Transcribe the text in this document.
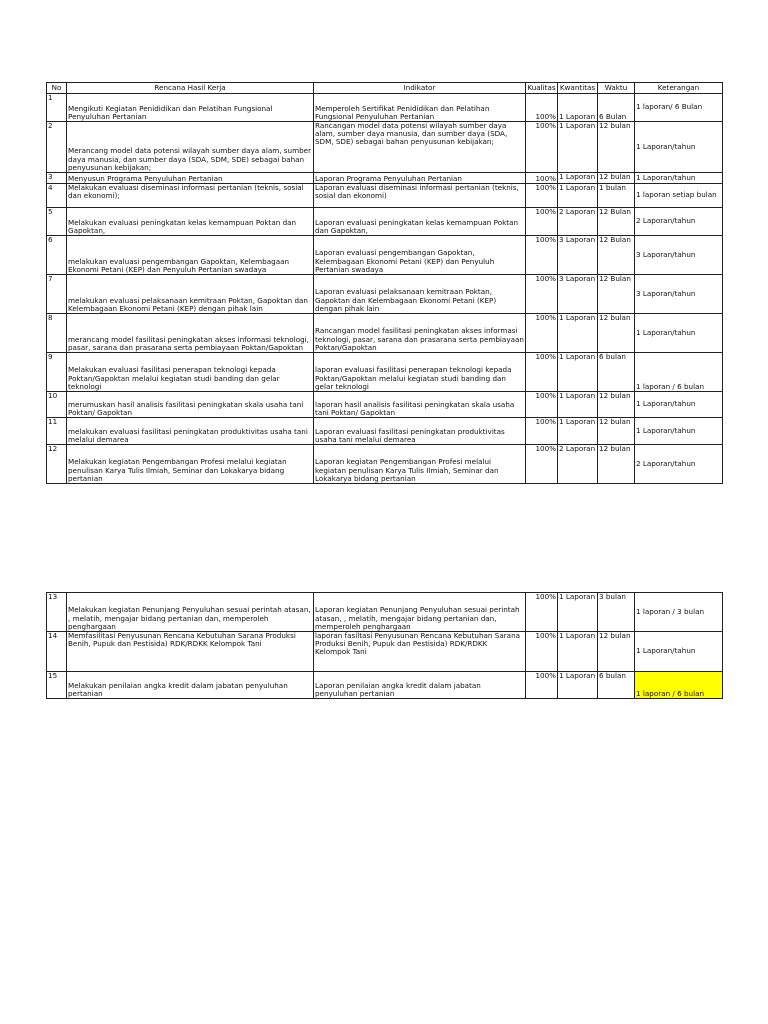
No	Rencana Hasil Kerja	Indikator	Kualitas	Kwantitas	Waktu	Keterangan
1	Mengikuti Kegiatan Penididikan dan Pelatihan Fungsional Penyuluhan Pertanian	Memperoleh Sertifikat Penididikan dan Pelatihan Fungsional Penyuluhan Pertanian	100%	1 Laporan	6 Bulan	1 laporan/ 6 Bulan
2	Merancang model data potensi wilayah sumber daya alam, sumber daya manusia, dan sumber daya (SDA, SDM, SDE) sebagai bahan penyusunan kebijakan;	Rancangan model data potensi wilayah sumber daya alam, sumber daya manusia, dan sumber daya (SDA, SDM, SDE) sebagai bahan penyusunan kebijakan;	100%	1 Laporan	12 bulan	1 Laporan/tahun
3	Menyusun Programa Penyuluhan Pertanian	Laporan Programa Penyuluhan Pertanian	100%	1 Laporan	12 bulan	1 Laporan/tahun
4	Melakukan evaluasi diseminasi informasi pertanian (teknis, sosial dan ekonomi);	Laporan evaluasi diseminasi informasi pertanian (teknis, sosial dan ekonomi)	100%	1 Laporan	1 bulan	1 laporan setiap bulan
5	Melakukan evaluasi peningkatan kelas kemampuan Poktan dan Gapoktan,	Laporan evaluasi peningkatan kelas kemampuan Poktan dan Gapoktan,	100%	2 Laporan	12 Bulan	2 Laporan/tahun
6	melakukan evaluasi pengembangan Gapoktan, Kelembagaan Ekonomi Petani (KEP) dan Penyuluh Pertanian swadaya	Laporan evaluasi pengembangan Gapoktan, Kelembagaan Ekonomi Petani (KEP) dan Penyuluh Pertanian swadaya	100%	3 Laporan	12 Bulan	3 Laporan/tahun
7	melakukan evaluasi pelaksanaan kemitraan Poktan, Gapoktan dan Kelembagaan Ekonomi Petani (KEP) dengan pihak lain	Laporan evaluasi pelaksanaan kemitraan Poktan, Gapoktan dan Kelembagaan Ekonomi Petani (KEP) dengan pihak lain	100%	3 Laporan	12 Bulan	3 Laporan/tahun
8	merancang model fasilitasi peningkatan akses informasi teknologi, pasar, sarana dan prasarana serta pembiayaan Poktan/Gapoktan	Rancangan model fasilitasi peningkatan akses informasi teknologi, pasar, sarana dan prasarana serta pembiayaan Poktan/Gapoktan	100%	1 Laporan	12 bulan	1 Laporan/tahun
9	Melakukan evaluasi fasilitasi penerapan teknologi kepada Poktan/Gapoktan melalui kegiatan studi banding dan gelar teknologi	laporan evaluasi fasilitasi penerapan teknologi kepada Poktan/Gapoktan melalui kegiatan studi banding dan gelar teknologi	100%	1 Laporan	6 bulan	1 laporan / 6 bulan
10	merumuskan hasil analisis fasilitasi peningkatan skala usaha tani Poktan/ Gapoktan	laporan hasil analisis fasilitasi peningkatan skala usaha tani Poktan/ Gapoktan	100%	1 Laporan	12 bulan	1 Laporan/tahun
11	melakukan evaluasi fasilitasi peningkatan produktivitas usaha tani melalui demarea	Laporan evaluasi fasilitasi peningkatan produktivitas usaha tani melalui demarea	100%	1 Laporan	12 bulan	1 Laporan/tahun
12	Melakukan kegiatan Pengembangan Profesi melalui kegiatan penulisan Karya Tulis Ilmiah, Seminar dan Lokakarya bidang pertanian	Laporan kegiatan Pengembangan Profesi melalui kegiatan penulisan Karya Tulis Ilmiah, Seminar dan Lokakarya bidang pertanian	100%	2 Laporan	12 bulan	2 Laporan/tahun
13	Melakukan kegiatan Penunjang Penyuluhan sesuai perintah atasan, , melatih, mengajar bidang pertanian dan, memperoleh penghargaan	Laporan kegiatan Penunjang Penyuluhan sesuai perintah atasan, , melatih, mengajar bidang pertanian dan, memperoleh penghargaan	100%	1 Laporan	3 bulan	1 laporan / 3 bulan
14	Memfasilitasi Penyusunan Rencana Kebutuhan Sarana Produksi Benih, Pupuk dan Pestisida) RDK/RDKK Kelompok Tani	laporan fasiltasi Penyusunan Rencana Kebutuhan Sarana Produksi Benih, Pupuk dan Pestisida) RDK/RDKK Kelompok Tani	100%	1 Laporan	12 bulan	1 Laporan/tahun
15	Melakukan penilaian angka kredit dalam jabatan penyuluhan pertanian	Laporan penilaian angka kredit dalam jabatan penyuluhan pertanian	100%	1 Laporan	6 bulan	1 laporan / 6 bulan
